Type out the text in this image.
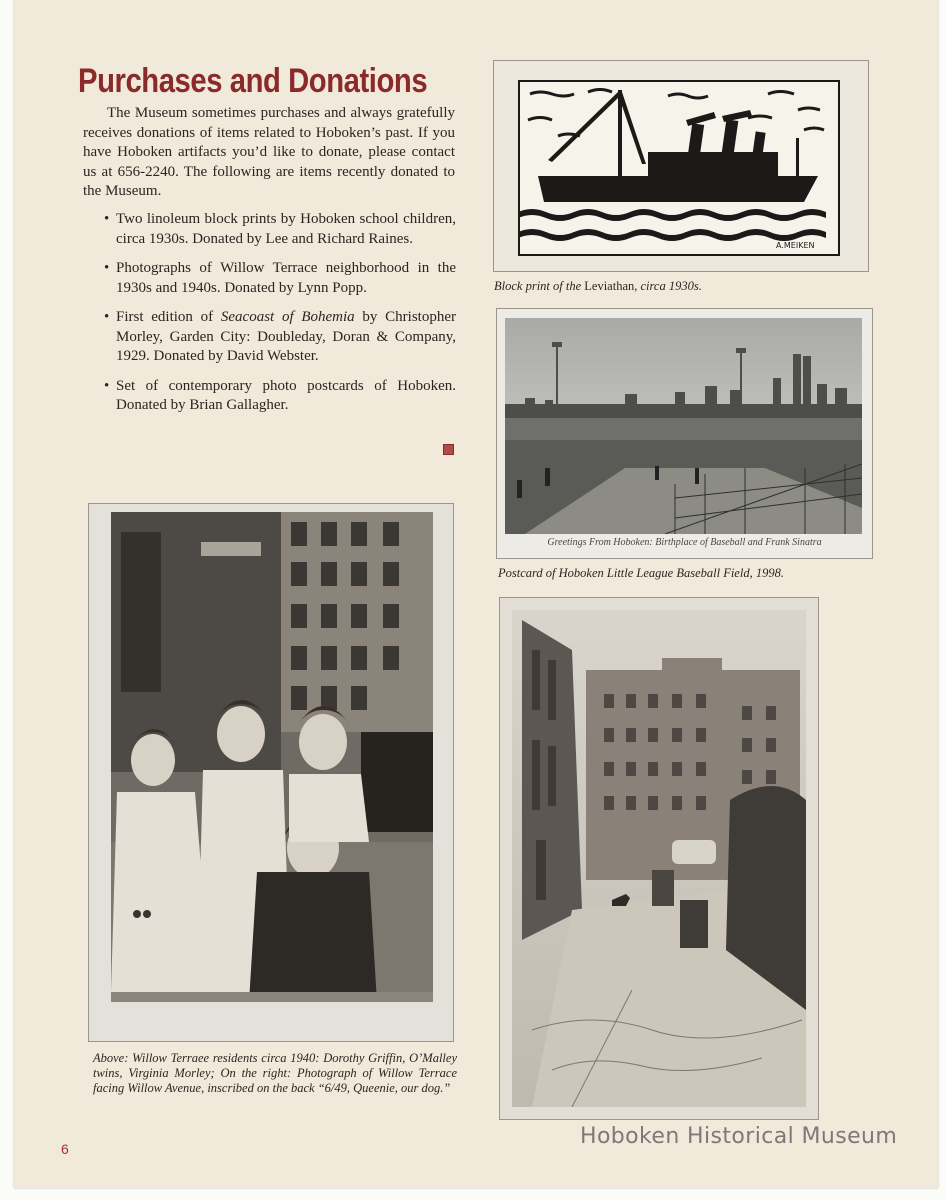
Purchases and Donations

The Museum sometimes purchases and always gratefully receives donations of items related to Hoboken’s past. If you have Hoboken artifacts you’d like to donate, please contact us at 656-2240. The following are items recently donated to the Museum.

• Two linoleum block prints by Hoboken school children, circa 1930s. Donated by Lee and Richard Raines.
• Photographs of Willow Terrace neighborhood in the 1930s and 1940s. Donated by Lynn Popp.
• First edition of Seacoast of Bohemia by Christopher Morley, Garden City: Doubleday, Doran & Company, 1929. Donated by David Webster.
• Set of contemporary photo postcards of Hoboken. Donated by Brian Gallagher.
A.MEIKEN

Block print of the Leviathan, circa 1930s.

Greetings From Hoboken: Birthplace of Baseball and Frank Sinatra

Postcard of Hoboken Little League Baseball Field, 1998.

Above: Willow Terraee residents circa 1940: Dorothy Griffin, O’Malley twins, Virginia Morley; On the right: Photograph of Willow Terrace facing Willow Avenue, inscribed on the back “6/49, Queenie, our dog.”

6	Hoboken Historical Museum
